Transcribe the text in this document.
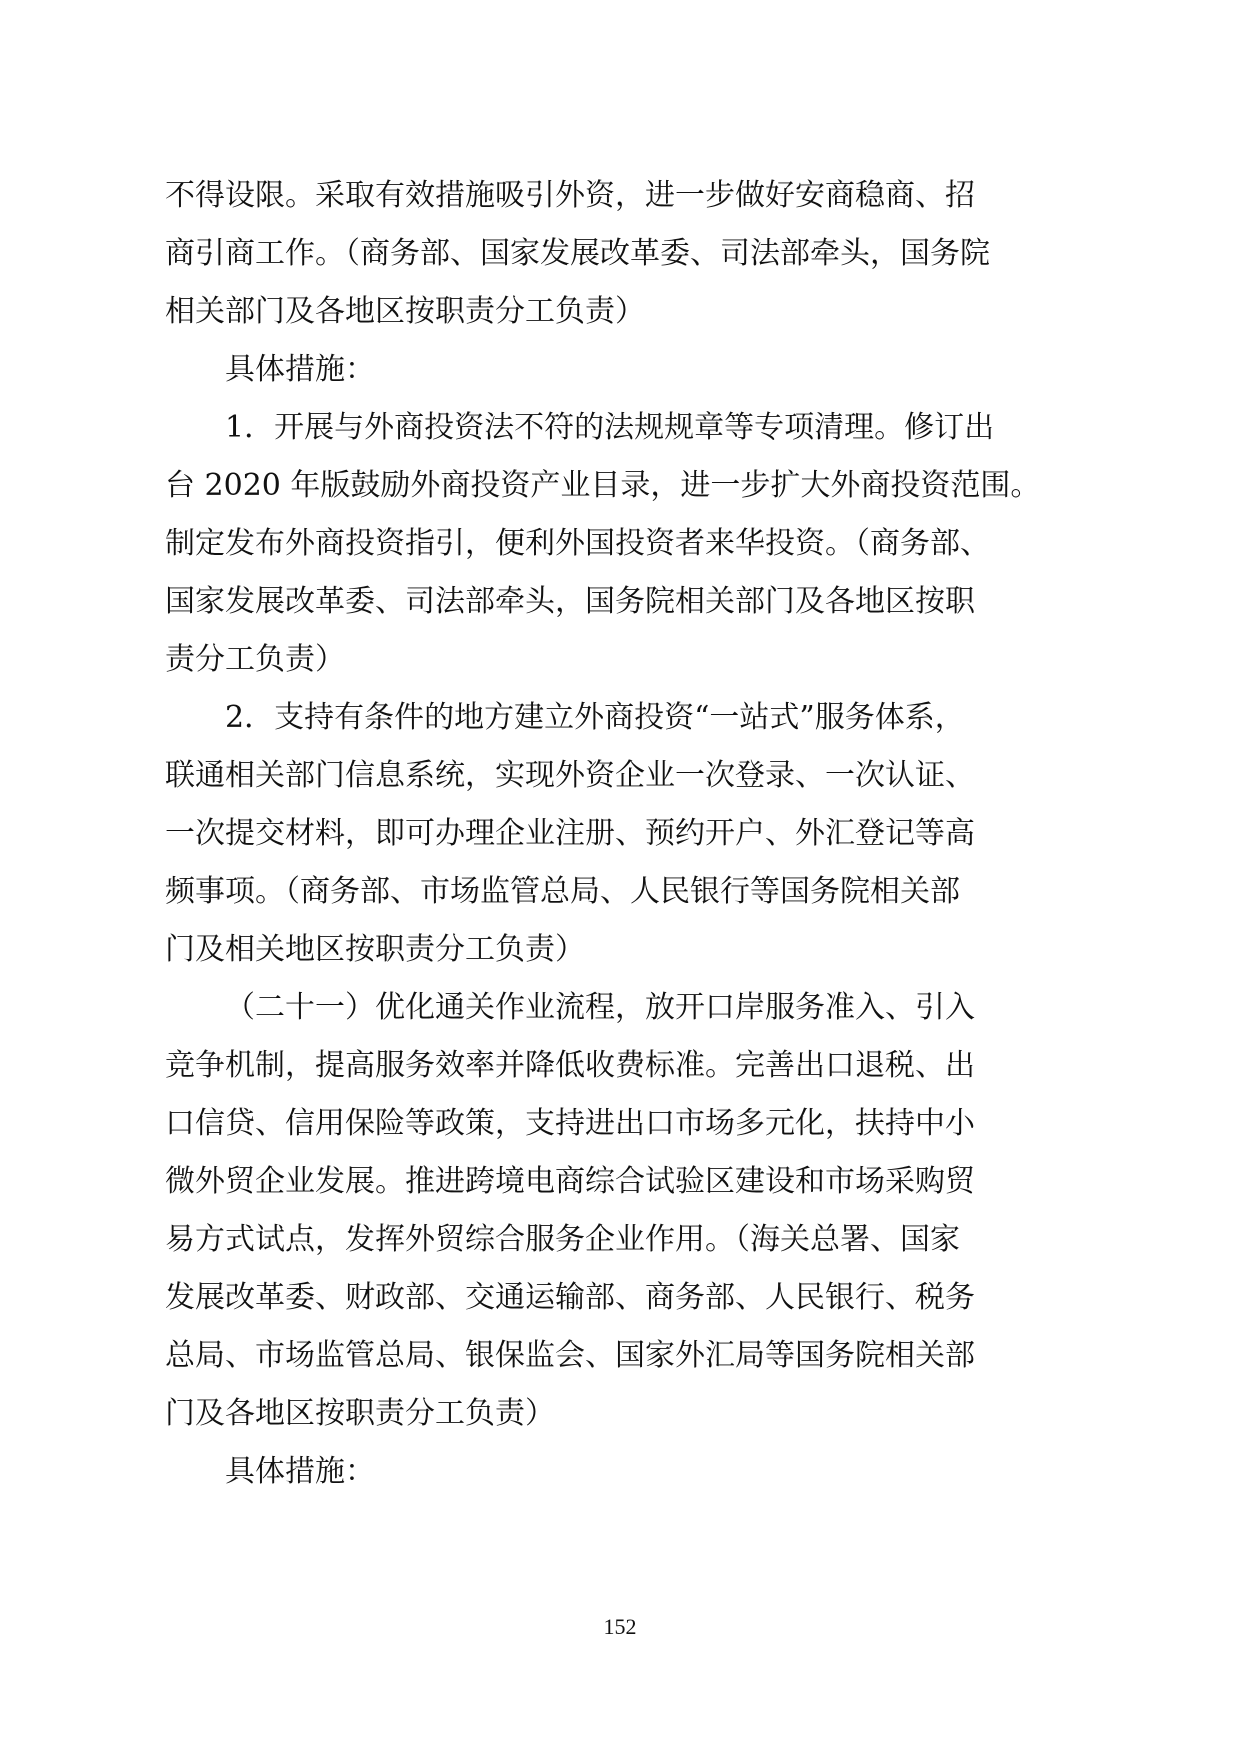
不得设限。采取有效措施吸引外资，进一步做好安商稳商、招
商引商工作。（商务部、国家发展改革委、司法部牵头，国务院
相关部门及各地区按职责分工负责）
具体措施：
1．开展与外商投资法不符的法规规章等专项清理。修订出
台 2020 年版鼓励外商投资产业目录，进一步扩大外商投资范围。
制定发布外商投资指引，便利外国投资者来华投资。（商务部、
国家发展改革委、司法部牵头，国务院相关部门及各地区按职
责分工负责）
2．支持有条件的地方建立外商投资“一站式”服务体系，
联通相关部门信息系统，实现外资企业一次登录、一次认证、
一次提交材料，即可办理企业注册、预约开户、外汇登记等高
频事项。（商务部、市场监管总局、人民银行等国务院相关部
门及相关地区按职责分工负责）
（二十一）优化通关作业流程，放开口岸服务准入、引入
竞争机制，提高服务效率并降低收费标准。完善出口退税、出
口信贷、信用保险等政策，支持进出口市场多元化，扶持中小
微外贸企业发展。推进跨境电商综合试验区建设和市场采购贸
易方式试点，发挥外贸综合服务企业作用。（海关总署、国家
发展改革委、财政部、交通运输部、商务部、人民银行、税务
总局、市场监管总局、银保监会、国家外汇局等国务院相关部
门及各地区按职责分工负责）
具体措施：
152
